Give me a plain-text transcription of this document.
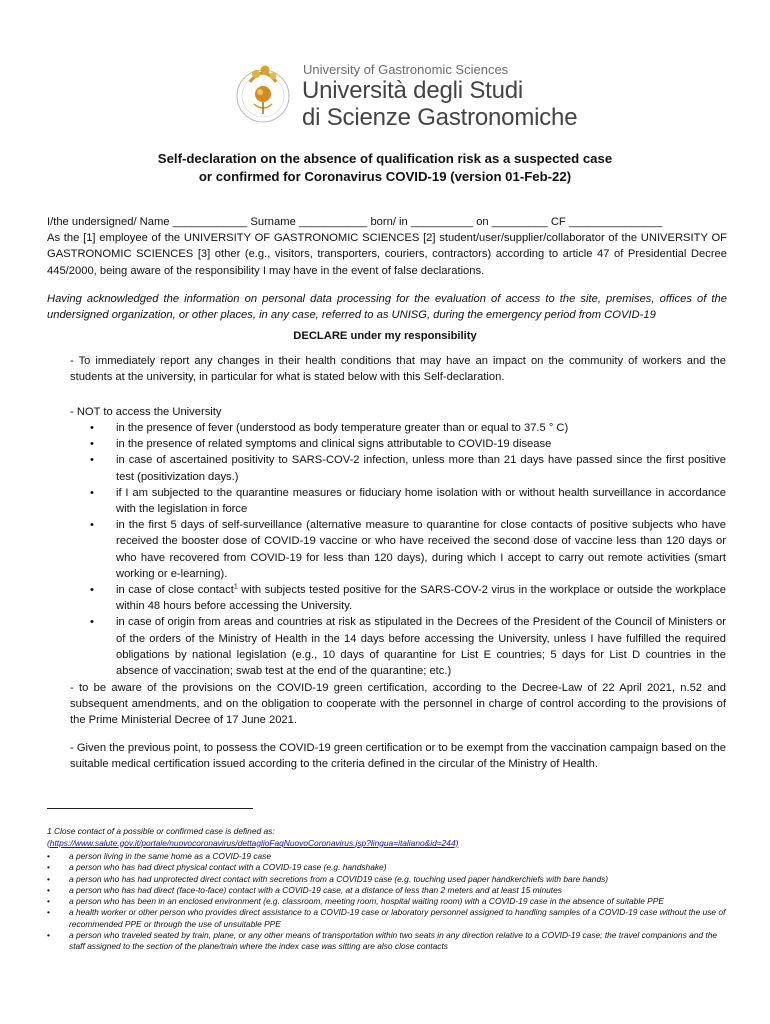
University of Gastronomic Sciences
Università degli Studi
di Scienze Gastronomiche
Self-declaration on the absence of qualification risk as a suspected case
or confirmed for Coronavirus COVID-19 (version 01-Feb-22)
I/the undersigned/ Name ____________ Surname ___________ born/ in __________ on _________ CF _______________
As the [1] employee of the UNIVERSITY OF GASTRONOMIC SCIENCES [2] student/user/supplier/collaborator of the UNIVERSITY OF GASTRONOMIC SCIENCES [3] other (e.g., visitors, transporters, couriers, contractors) according to article 47 of Presidential Decree 445/2000, being aware of the responsibility I may have in the event of false declarations.
Having acknowledged the information on personal data processing for the evaluation of access to the site, premises, offices of the undersigned organization, or other places, in any case, referred to as UNISG, during the emergency period from COVID-19
DECLARE under my responsibility
- To immediately report any changes in their health conditions that may have an impact on the community of workers and the students at the university, in particular for what is stated below with this Self-declaration.
- NOT to access the University
• in the presence of fever (understood as body temperature greater than or equal to 37.5 ° C)
• in the presence of related symptoms and clinical signs attributable to COVID-19 disease
• in case of ascertained positivity to SARS-COV-2 infection, unless more than 21 days have passed since the first positive test (positivization days.)
• if I am subjected to the quarantine measures or fiduciary home isolation with or without health surveillance in accordance with the legislation in force
• in the first 5 days of self-surveillance (alternative measure to quarantine for close contacts of positive subjects who have received the booster dose of COVID-19 vaccine or who have received the second dose of vaccine less than 120 days or who have recovered from COVID-19 for less than 120 days), during which I accept to carry out remote activities (smart working or e-learning).
• in case of close contact$^1$ with subjects tested positive for the SARS-COV-2 virus in the workplace or outside the workplace within 48 hours before accessing the University.
• in case of origin from areas and countries at risk as stipulated in the Decrees of the President of the Council of Ministers or of the orders of the Ministry of Health in the 14 days before accessing the University, unless I have fulfilled the required obligations by national legislation (e.g., 10 days of quarantine for List E countries; 5 days for List D countries in the absence of vaccination; swab test at the end of the quarantine; etc.)
- to be aware of the provisions on the COVID-19 green certification, according to the Decree-Law of 22 April 2021, n.52 and subsequent amendments, and on the obligation to cooperate with the personnel in charge of control according to the provisions of the Prime Ministerial Decree of 17 June 2021.
- Given the previous point, to possess the COVID-19 green certification or to be exempt from the vaccination campaign based on the suitable medical certification issued according to the criteria defined in the circular of the Ministry of Health.
1 Close contact of a possible or confirmed case is defined as:
(https://www.salute.gov.it/portale/nuovocoronavirus/dettaglioFaqNuovoCoronavirus.jsp?lingua=italiano&id=244)
• a person living in the same home as a COVID-19 case
• a person who has had direct physical contact with a COVID-19 case (e.g. handshake)
• a person who has had unprotected direct contact with secretions from a COVID19 case (e.g. touching used paper handkerchiefs with bare hands)
• a person who has had direct (face-to-face) contact with a COVID-19 case, at a distance of less than 2 meters and at least 15 minutes
• a person who has been in an enclosed environment (e.g. classroom, meeting room, hospital waiting room) with a COVID-19 case in the absence of suitable PPE
• a health worker or other person who provides direct assistance to a COVID-19 case or laboratory personnel assigned to handling samples of a COVID-19 case without the use of recommended PPE or through the use of unsuitable PPE
• a person who traveled seated by train, plane, or any other means of transportation within two seats in any direction relative to a COVID-19 case; the travel companions and the staff assigned to the section of the plane/train where the index case was sitting are also close contacts
